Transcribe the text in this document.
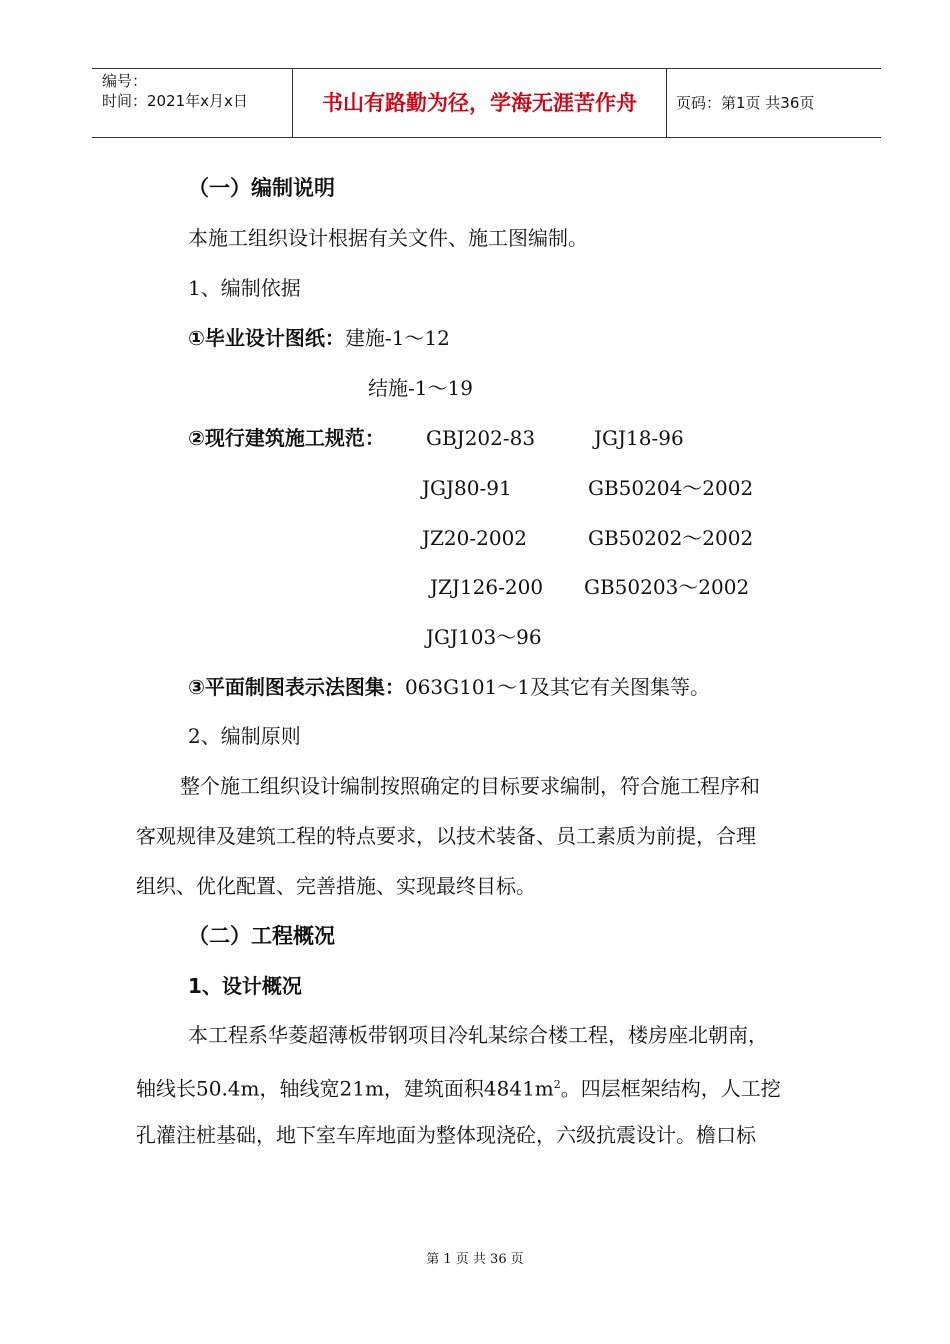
编号：
时间：2021年x月x日	书山有路勤为径，学海无涯苦作舟	页码：第1页 共36页
（一）编制说明
本施工组织设计根据有关文件、施工图编制。
1、编制依据
①毕业设计图纸：建施-1～12
结施-1～19
②现行建筑施工规范： GBJ202-83	JGJ18-96
JGJ80-91	GB50204～2002
JZ20-2002	GB50202～2002
JZJ126-200 GB50203～2002
JGJ103～96
③平面制图表示法图集：063G101～1及其它有关图集等。
2、编制原则
整个施工组织设计编制按照确定的目标要求编制，符合施工程序和
客观规律及建筑工程的特点要求，以技术装备、员工素质为前提，合理
组织、优化配置、完善措施、实现最终目标。
（二）工程概况
1、设计概况
本工程系华菱超薄板带钢项目冷轧某综合楼工程，楼房座北朝南，
轴线长50.4m，轴线宽21m，建筑面积$4841m^2$。四层框架结构，人工挖
孔灌注桩基础，地下室车库地面为整体现浇砼，六级抗震设计。檐口标
第 1 页 共 36 页
